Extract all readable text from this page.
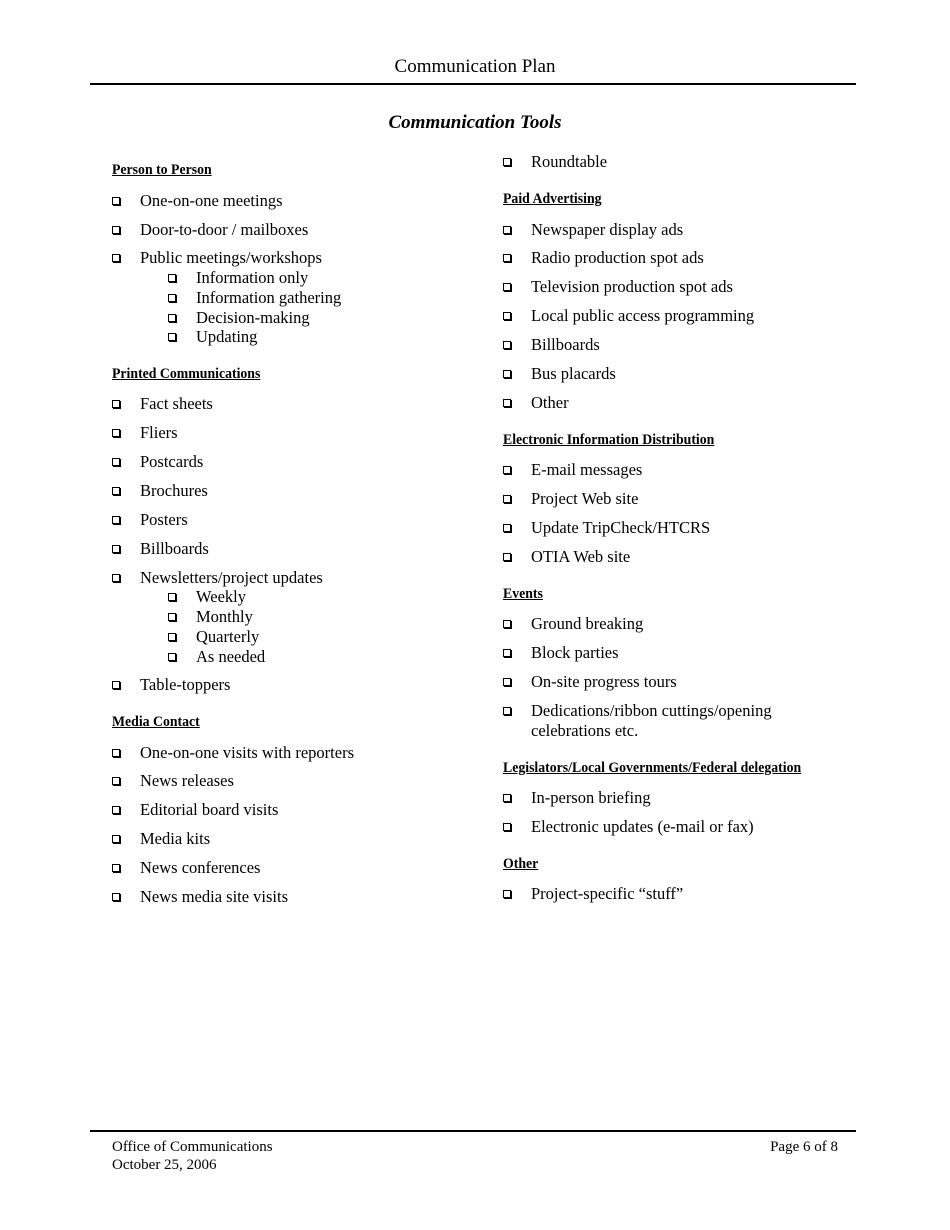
Communication Plan
Communication Tools
Person to Person
One-on-one meetings
Door-to-door / mailboxes
Public meetings/workshops
Information only
Information gathering
Decision-making
Updating
Printed Communications
Fact sheets
Fliers
Postcards
Brochures
Posters
Billboards
Newsletters/project updates
Weekly
Monthly
Quarterly
As needed
Table-toppers
Media Contact
One-on-one visits with reporters
News releases
Editorial board visits
Media kits
News conferences
News media site visits
Roundtable
Paid Advertising
Newspaper display ads
Radio production spot ads
Television production spot ads
Local public access programming
Billboards
Bus placards
Other
Electronic Information Distribution
E-mail messages
Project Web site
Update TripCheck/HTCRS
OTIA Web site
Events
Ground breaking
Block parties
On-site progress tours
Dedications/ribbon cuttings/opening celebrations etc.
Legislators/Local Governments/Federal delegation
In-person briefing
Electronic updates (e-mail or fax)
Other
Project-specific “stuff”
Office of Communications
October 25, 2006
Page 6 of 8
